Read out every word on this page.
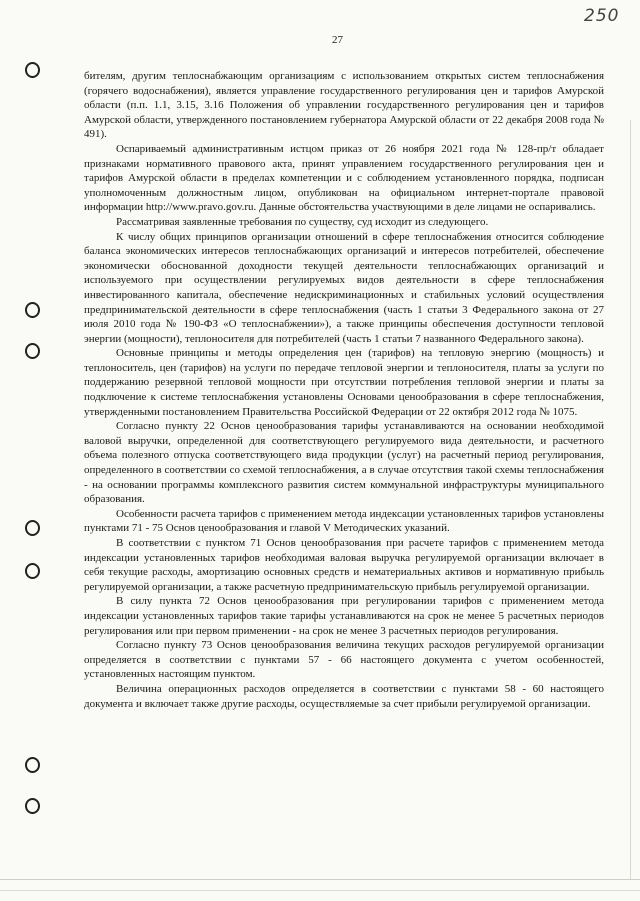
250
27

бителям, другим теплоснабжающим организациям с использованием открытых систем теплоснабжения (горячего водоснабжения), является управление государственного регулирования цен и тарифов Амурской области (п.п. 1.1, 3.15, 3.16 Положения об управлении государственного регулирования цен и тарифов Амурской области, утвержденного постановлением губернатора Амурской области от 22 декабря 2008 года № 491).

Оспариваемый административным истцом приказ от 26 ноября 2021 года № 128-пр/т обладает признаками нормативного правового акта, принят управлением государственного регулирования цен и тарифов Амурской области в пределах компетенции и с соблюдением установленного порядка, подписан уполномоченным должностным лицом, опубликован на официальном интернет-портале правовой информации http://www.pravo.gov.ru. Данные обстоятельства участвующими в деле лицами не оспаривались.

Рассматривая заявленные требования по существу, суд исходит из следующего.

К числу общих принципов организации отношений в сфере теплоснабжения относится соблюдение баланса экономических интересов теплоснабжающих организаций и интересов потребителей, обеспечение экономически обоснованной доходности текущей деятельности теплоснабжающих организаций и используемого при осуществлении регулируемых видов деятельности в сфере теплоснабжения инвестированного капитала, обеспечение недискриминационных и стабильных условий осуществления предпринимательской деятельности в сфере теплоснабжения (часть 1 статьи 3 Федерального закона от 27 июля 2010 года № 190-ФЗ «О теплоснабжении»), а также принципы обеспечения доступности тепловой энергии (мощности), теплоносителя для потребителей (часть 1 статьи 7 названного Федерального закона).

Основные принципы и методы определения цен (тарифов) на тепловую энергию (мощность) и теплоноситель, цен (тарифов) на услуги по передаче тепловой энергии и теплоносителя, платы за услуги по поддержанию резервной тепловой мощности при отсутствии потребления тепловой энергии и платы за подключение к системе теплоснабжения установлены Основами ценообразования в сфере теплоснабжения, утвержденными постановлением Правительства Российской Федерации от 22 октября 2012 года № 1075.

Согласно пункту 22 Основ ценообразования тарифы устанавливаются на основании необходимой валовой выручки, определенной для соответствующего регулируемого вида деятельности, и расчетного объема полезного отпуска соответствующего вида продукции (услуг) на расчетный период регулирования, определенного в соответствии со схемой теплоснабжения, а в случае отсутствия такой схемы теплоснабжения - на основании программы комплексного развития систем коммунальной инфраструктуры муниципального образования.

Особенности расчета тарифов с применением метода индексации установленных тарифов установлены пунктами 71 - 75 Основ ценообразования и главой V Методических указаний.

В соответствии с пунктом 71 Основ ценообразования при расчете тарифов с применением метода индексации установленных тарифов необходимая валовая выручка регулируемой организации включает в себя текущие расходы, амортизацию основных средств и нематериальных активов и нормативную прибыль регулируемой организации, а также расчетную предпринимательскую прибыль регулируемой организации.

В силу пункта 72 Основ ценообразования при регулировании тарифов с применением метода индексации установленных тарифов такие тарифы устанавливаются на срок не менее 5 расчетных периодов регулирования или при первом применении - на срок не менее 3 расчетных периодов регулирования.

Согласно пункту 73 Основ ценообразования величина текущих расходов регулируемой организации определяется в соответствии с пунктами 57 - 66 настоящего документа с учетом особенностей, установленных настоящим пунктом.

Величина операционных расходов определяется в соответствии с пунктами 58 - 60 настоящего документа и включает также другие расходы, осуществляемые за счет прибыли регулируемой организации.
